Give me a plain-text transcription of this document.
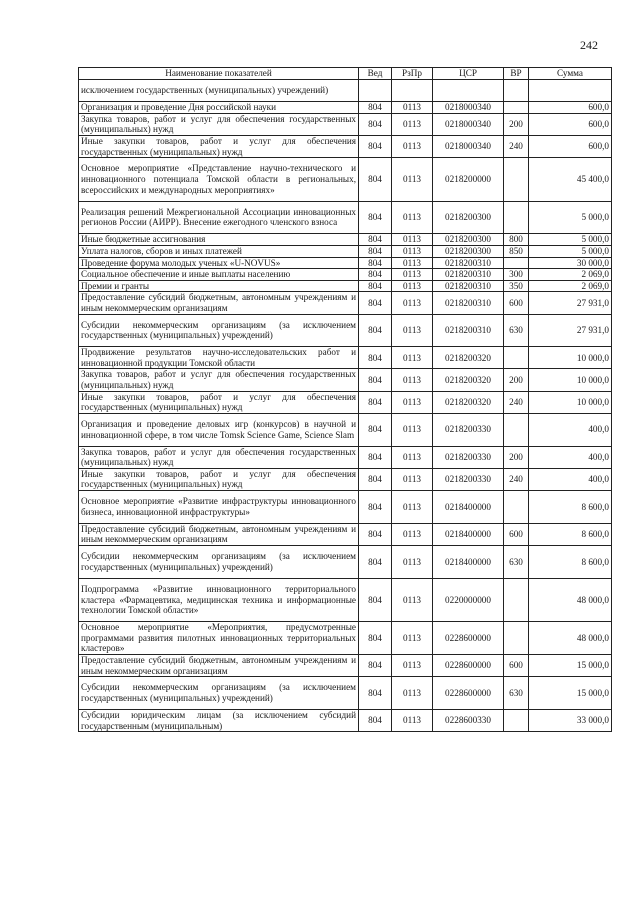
242
Наименование показателей	Вед	РзПр	ЦСР	ВР	Сумма
исключением государственных (муниципальных) учреждений)					
Организация и проведение Дня российской науки	804	0113	0218000340		600,0
Закупка товаров, работ и услуг для обеспечения государственных (муниципальных) нужд	804	0113	0218000340	200	600,0
Иные закупки товаров, работ и услуг для обеспечения государственных (муниципальных) нужд	804	0113	0218000340	240	600,0
Основное мероприятие «Представление научно-технического и инновационного потенциала Томской области в региональных, всероссийских и международных мероприятиях»	804	0113	0218200000		45 400,0
Реализация решений Межрегиональной Ассоциации инновационных регионов России (АИРР). Внесение ежегодного членского взноса	804	0113	0218200300		5 000,0
Иные бюджетные ассигнования	804	0113	0218200300	800	5 000,0
Уплата налогов, сборов и иных платежей	804	0113	0218200300	850	5 000,0
Проведение форума молодых ученых «U-NOVUS»	804	0113	0218200310		30 000,0
Социальное обеспечение и иные выплаты населению	804	0113	0218200310	300	2 069,0
Премии и гранты	804	0113	0218200310	350	2 069,0
Предоставление субсидий бюджетным, автономным учреждениям и иным некоммерческим организациям	804	0113	0218200310	600	27 931,0
Субсидии некоммерческим организациям (за исключением государственных (муниципальных) учреждений)	804	0113	0218200310	630	27 931,0
Продвижение результатов научно-исследовательских работ и инновационной продукции Томской области	804	0113	0218200320		10 000,0
Закупка товаров, работ и услуг для обеспечения государственных (муниципальных) нужд	804	0113	0218200320	200	10 000,0
Иные закупки товаров, работ и услуг для обеспечения государственных (муниципальных) нужд	804	0113	0218200320	240	10 000,0
Организация и проведение деловых игр (конкурсов) в научной и инновационной сфере, в том числе Tomsk Science Game, Science Slam	804	0113	0218200330		400,0
Закупка товаров, работ и услуг для обеспечения государственных (муниципальных) нужд	804	0113	0218200330	200	400,0
Иные закупки товаров, работ и услуг для обеспечения государственных (муниципальных) нужд	804	0113	0218200330	240	400,0
Основное мероприятие «Развитие инфраструктуры инновационного бизнеса, инновационной инфраструктуры»	804	0113	0218400000		8 600,0
Предоставление субсидий бюджетным, автономным учреждениям и иным некоммерческим организациям	804	0113	0218400000	600	8 600,0
Субсидии некоммерческим организациям (за исключением государственных (муниципальных) учреждений)	804	0113	0218400000	630	8 600,0
Подпрограмма «Развитие инновационного территориального кластера «Фармацевтика, медицинская техника и информационные технологии Томской области»	804	0113	0220000000		48 000,0
Основное мероприятие «Мероприятия, предусмотренные программами развития пилотных инновационных территориальных кластеров»	804	0113	0228600000		48 000,0
Предоставление субсидий бюджетным, автономным учреждениям и иным некоммерческим организациям	804	0113	0228600000	600	15 000,0
Субсидии некоммерческим организациям (за исключением государственных (муниципальных) учреждений)	804	0113	0228600000	630	15 000,0
Субсидии юридическим лицам (за исключением субсидий государственным (муниципальным)	804	0113	0228600330		33 000,0
